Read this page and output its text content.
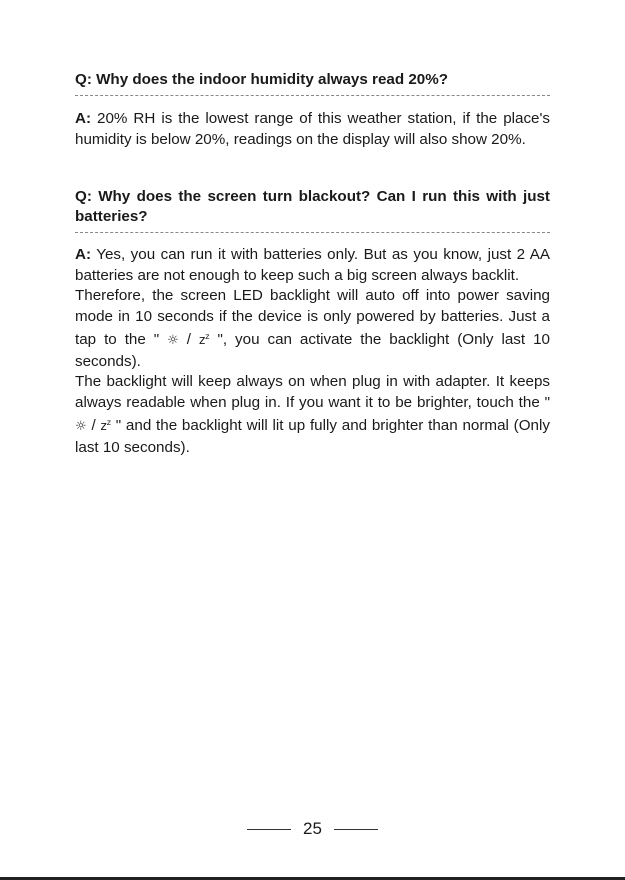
Q: Why does the indoor humidity always read 20%?

A: 20% RH is the lowest range of this weather station, if the place's humidity is below 20%, readings on the display will also show 20%.

Q: Why does the screen turn blackout? Can I run this with just batteries?

A: Yes, you can run it with batteries only. But as you know, just 2 AA batteries are not enough to keep such a big screen always backlit.

Therefore, the screen LED backlight will auto off into power saving mode in 10 seconds if the device is only powered by batteries. Just a tap to the " ☼ / $z^z$ ", you can activate the backlight (Only last 10 seconds).

The backlight will keep always on when plug in with adapter. It keeps always readable when plug in. If you want it to be brighter, touch the " ☼ / $z^z$ " and the backlight will lit up fully and brighter than normal (Only last 10 seconds).

25
